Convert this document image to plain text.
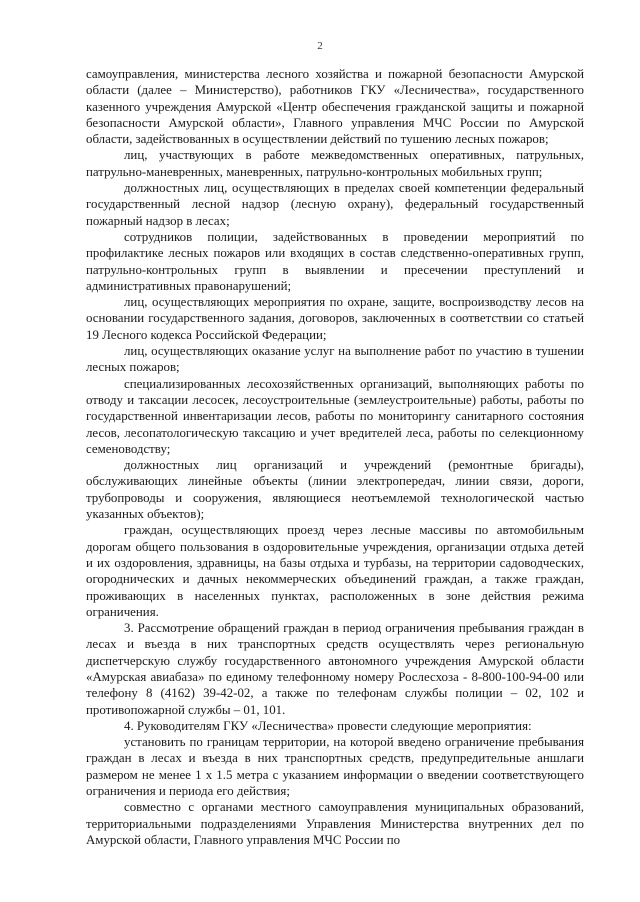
2

самоуправления, министерства лесного хозяйства и пожарной безопасности Амурской области (далее – Министерство), работников ГКУ «Лесничества», государственного казенного учреждения Амурской «Центр обеспечения гражданской защиты и пожарной безопасности Амурской области», Главного управления МЧС России по Амурской области, задействованных в осуществлении действий по тушению лесных пожаров;

лиц, участвующих в работе межведомственных оперативных, патрульных, патрульно-маневренных, маневренных, патрульно-контрольных мобильных групп;

должностных лиц, осуществляющих в пределах своей компетенции федеральный государственный лесной надзор (лесную охрану), федеральный государственный пожарный надзор в лесах;

сотрудников полиции, задействованных в проведении мероприятий по профилактике лесных пожаров или входящих в состав следственно-оперативных групп, патрульно-контрольных групп в выявлении и пресечении преступлений и административных правонарушений;

лиц, осуществляющих мероприятия по охране, защите, воспроизводству лесов на основании государственного задания, договоров, заключенных в соответствии со статьей 19 Лесного кодекса Российской Федерации;

лиц, осуществляющих оказание услуг на выполнение работ по участию в тушении лесных пожаров;

специализированных лесохозяйственных организаций, выполняющих работы по отводу и таксации лесосек, лесоустроительные (землеустроительные) работы, работы по государственной инвентаризации лесов, работы по мониторингу санитарного состояния лесов, лесопатологическую таксацию и учет вредителей леса, работы по селекционному семеноводству;

должностных лиц организаций и учреждений (ремонтные бригады), обслуживающих линейные объекты (линии электропередач, линии связи, дороги, трубопроводы и сооружения, являющиеся неотъемлемой технологической частью указанных объектов);

граждан, осуществляющих проезд через лесные массивы по автомобильным дорогам общего пользования в оздоровительные учреждения, организации отдыха детей и их оздоровления, здравницы, на базы отдыха и турбазы, на территории садоводческих, огороднических и дачных некоммерческих объединений граждан, а также граждан, проживающих в населенных пунктах, расположенных в зоне действия режима ограничения.

3. Рассмотрение обращений граждан в период ограничения пребывания граждан в лесах и въезда в них транспортных средств осуществлять через региональную диспетчерскую службу государственного автономного учреждения Амурской области «Амурская авиабаза» по единому телефонному номеру Рослесхоза - 8-800-100-94-00 или телефону 8 (4162) 39-42-02, а также по телефонам службы полиции – 02, 102 и противопожарной службы – 01, 101.

4. Руководителям ГКУ «Лесничества» провести следующие мероприятия:

установить по границам территории, на которой введено ограничение пребывания граждан в лесах и въезда в них транспортных средств, предупредительные аншлаги размером не менее 1 х 1.5 метра с указанием информации о введении соответствующего ограничения и периода его действия;

совместно с органами местного самоуправления муниципальных образований, территориальными подразделениями Управления Министерства внутренних дел по Амурской области, Главного управления МЧС России по
